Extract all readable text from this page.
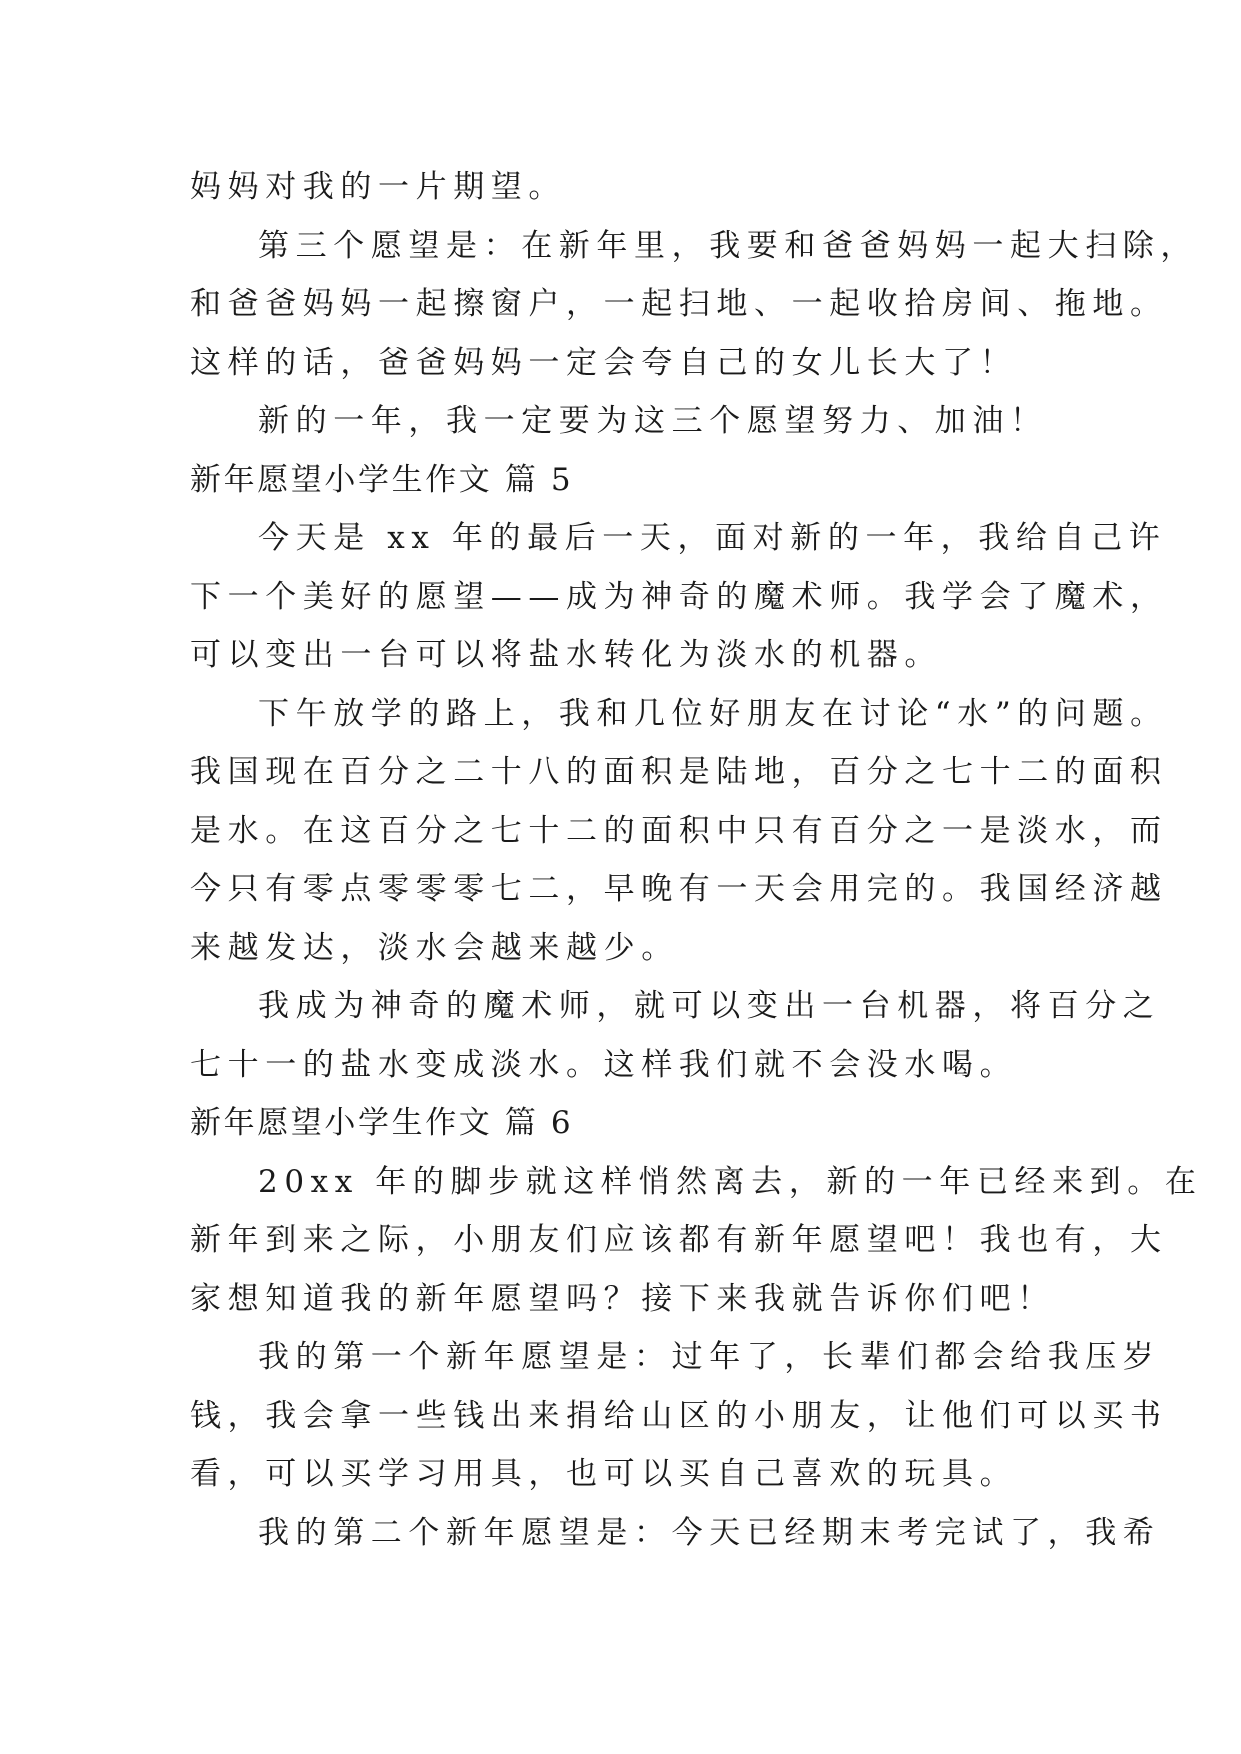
妈妈对我的一片期望。
第三个愿望是：在新年里，我要和爸爸妈妈一起大扫除，
和爸爸妈妈一起擦窗户，一起扫地、一起收拾房间、拖地。
这样的话，爸爸妈妈一定会夸自己的女儿长大了！
新的一年，我一定要为这三个愿望努力、加油！
新年愿望小学生作文 篇 5
今天是 xx 年的最后一天，面对新的一年，我给自己许
下一个美好的愿望——成为神奇的魔术师。我学会了魔术，
可以变出一台可以将盐水转化为淡水的机器。
下午放学的路上，我和几位好朋友在讨论“水”的问题。
我国现在百分之二十八的面积是陆地，百分之七十二的面积
是水。在这百分之七十二的面积中只有百分之一是淡水，而
今只有零点零零零七二，早晚有一天会用完的。我国经济越
来越发达，淡水会越来越少。
我成为神奇的魔术师，就可以变出一台机器，将百分之
七十一的盐水变成淡水。这样我们就不会没水喝。
新年愿望小学生作文 篇 6
20xx 年的脚步就这样悄然离去，新的一年已经来到。在
新年到来之际，小朋友们应该都有新年愿望吧！我也有，大
家想知道我的新年愿望吗？接下来我就告诉你们吧！
我的第一个新年愿望是：过年了，长辈们都会给我压岁
钱，我会拿一些钱出来捐给山区的小朋友，让他们可以买书
看，可以买学习用具，也可以买自己喜欢的玩具。
我的第二个新年愿望是：今天已经期末考完试了，我希
